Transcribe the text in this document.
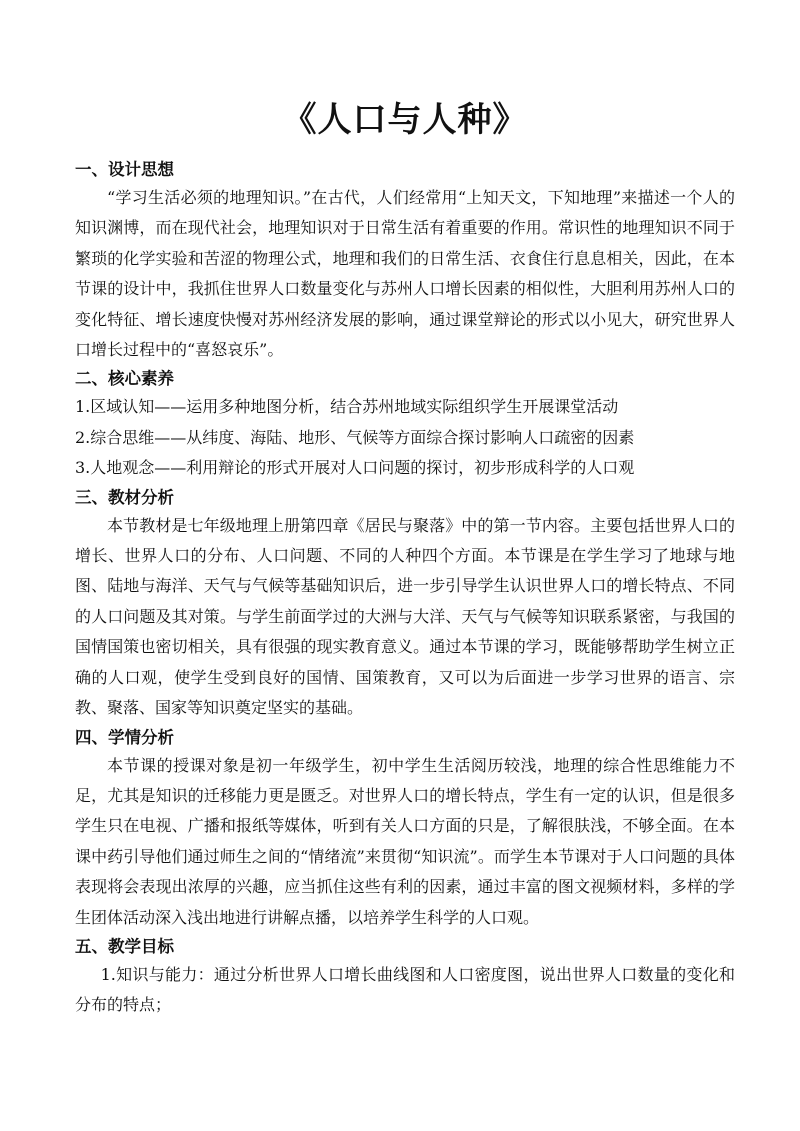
《人口与人种》
一、设计思想

“学习生活必须的地理知识。”在古代，人们经常用“上知天文，下知地理”来描述一个人的知识渊博，而在现代社会，地理知识对于日常生活有着重要的作用。常识性的地理知识不同于繁琐的化学实验和苦涩的物理公式，地理和我们的日常生活、衣食住行息息相关，因此，在本节课的设计中，我抓住世界人口数量变化与苏州人口增长因素的相似性，大胆利用苏州人口的变化特征、增长速度快慢对苏州经济发展的影响，通过课堂辩论的形式以小见大，研究世界人口增长过程中的“喜怒哀乐”。

二、核心素养

1.区域认知——运用多种地图分析，结合苏州地域实际组织学生开展课堂活动

2.综合思维——从纬度、海陆、地形、气候等方面综合探讨影响人口疏密的因素

3.人地观念——利用辩论的形式开展对人口问题的探讨，初步形成科学的人口观

三、教材分析

本节教材是七年级地理上册第四章《居民与聚落》中的第一节内容。主要包括世界人口的增长、世界人口的分布、人口问题、不同的人种四个方面。本节课是在学生学习了地球与地图、陆地与海洋、天气与气候等基础知识后，进一步引导学生认识世界人口的增长特点、不同的人口问题及其对策。与学生前面学过的大洲与大洋、天气与气候等知识联系紧密，与我国的国情国策也密切相关，具有很强的现实教育意义。通过本节课的学习，既能够帮助学生树立正确的人口观，使学生受到良好的国情、国策教育，又可以为后面进一步学习世界的语言、宗教、聚落、国家等知识奠定坚实的基础。

四、学情分析

本节课的授课对象是初一年级学生，初中学生生活阅历较浅，地理的综合性思维能力不足，尤其是知识的迁移能力更是匮乏。对世界人口的增长特点，学生有一定的认识，但是很多学生只在电视、广播和报纸等媒体，听到有关人口方面的只是，了解很肤浅，不够全面。在本课中药引导他们通过师生之间的“情绪流”来贯彻“知识流”。而学生本节课对于人口问题的具体表现将会表现出浓厚的兴趣，应当抓住这些有利的因素，通过丰富的图文视频材料，多样的学生团体活动深入浅出地进行讲解点播，以培养学生科学的人口观。

五、教学目标

1.知识与能力：通过分析世界人口增长曲线图和人口密度图，说出世界人口数量的变化和分布的特点；
